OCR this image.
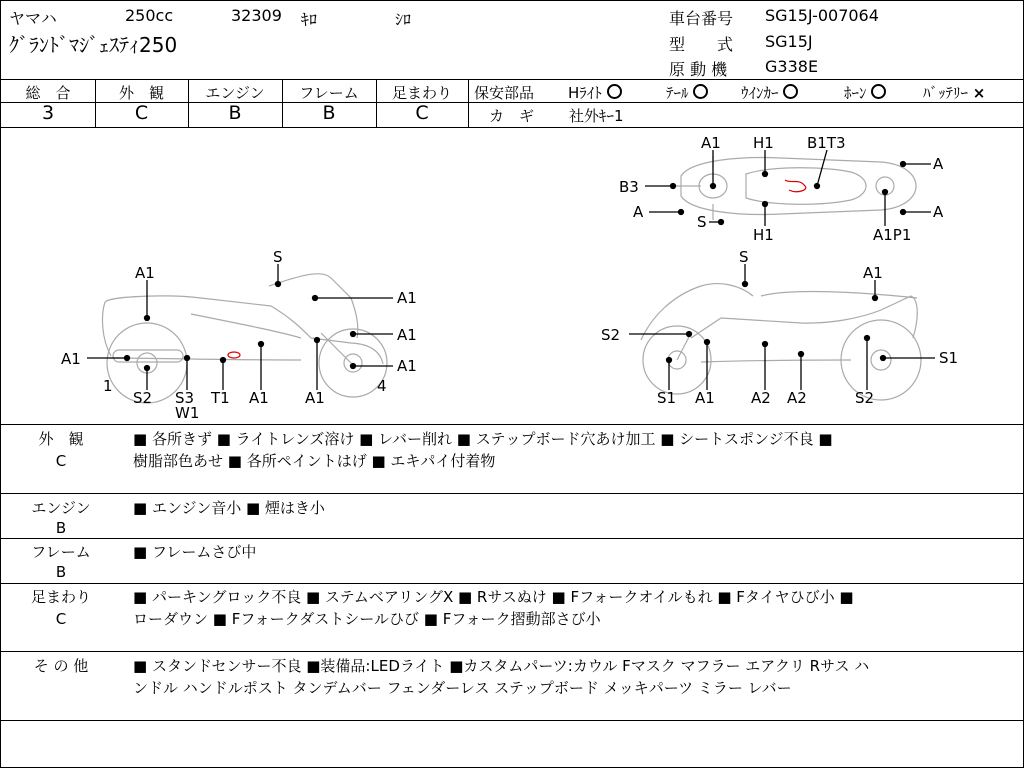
ヤマハ	250cc	32309 ｷﾛ	ｼﾛ
ｸﾞﾗﾝﾄﾞﾏｼﾞｪｽﾃｨ250
車台番号 SG15J-007064
型　　式 SG15J
原 動 機 G338E
総　合	外　観	エンジン	フレーム	足まわり
3	C	B	B	C
保安部品 Hﾗｲﾄ	ﾃｰﾙ	ｳｲﾝｶｰ	ﾎｰﾝ	ﾊﾞｯﾃﾘｰ ×
カ　ギ 社外ｷｰ1
A1 H1 B1T3
A
B3
A
S
H1	A1P1
A
S
A1
A1
A1
A1
A1
1
S2 S3
W1
T1 A1 A1
4
S
A1
S2
S1
S1 A1 A2 A2	S2
外　観
C
■ 各所きず ■ ライトレンズ溶け ■ レバー削れ ■ ステップボード穴あけ加工 ■ シートスポンジ不良 ■
樹脂部色あせ ■ 各所ペイントはげ ■ エキパイ付着物
エンジン
B
■ エンジン音小 ■ 煙はき小
フレーム
B
■ フレームさび中
足まわり
C
■ パーキングロック不良 ■ ステムベアリングX ■ Rサスぬけ ■ Fフォークオイルもれ ■ Fタイヤひび小 ■
ローダウン ■ Fフォークダストシールひび ■ Fフォーク摺動部さび小
そ の 他	■ スタンドセンサー不良 ■装備品:LEDライト ■カスタムパーツ:カウル Fマスク マフラー エアクリ Rサス ハ
ンドル ハンドルポスト タンデムバー フェンダーレス ステップボード メッキパーツ ミラー レバー
